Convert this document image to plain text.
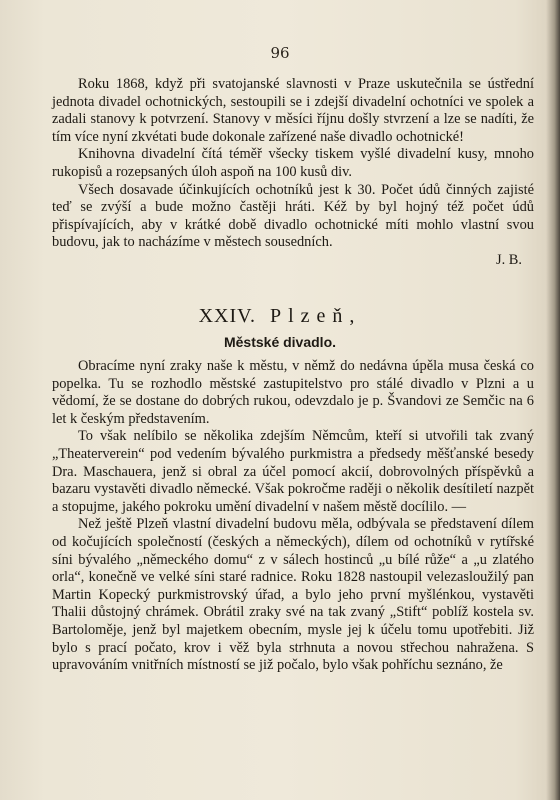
96

Roku 1868, když při svatojanské slavnosti v Praze uskutečnila se ústřední jednota divadel ochotnických, sestoupili se i zdejší divadelní ochotníci ve spolek a zadali stanovy k potvrzení. Stanovy v měsíci říjnu došly stvrzení a lze se nadíti, že tím více nyní zkvétati bude dokonale zařízené naše divadlo ochotnické!

Knihovna divadelní čítá téměř všecky tiskem vyšlé divadelní kusy, mnoho rukopisů a rozepsaných úloh aspoň na 100 kusů div.

Všech dosavade účinkujících ochotníků jest k 30. Počet údů činných zajisté teď se zvýší a bude možno častěji hráti. Kéž by byl hojný též počet údů přispívajících, aby v krátké době divadlo ochotnické míti mohlo vlastní svou budovu, jak to nacházíme v městech sousedních.

J. B.
XXIV. Plzeň,
Městské divadlo.

Obracíme nyní zraky naše k městu, v němž do nedávna úpěla musa česká co popelka. Tu se rozhodlo městské zastupitelstvo pro stálé divadlo v Plzni a u vědomí, že se dostane do dobrých rukou, odevzdalo je p. Švandovi ze Semčic na 6 let k českým představením.

To však nelíbilo se několika zdejším Němcům, kteří si utvořili tak zvaný „Theaterverein“ pod vedením bývalého purkmistra a předsedy měšťanské besedy Dra. Maschauera, jenž si obral za účel pomocí akcií, dobrovolných příspěvků a bazaru vystavěti divadlo německé. Však pokročme raději o několik desítiletí nazpět a stopujme, jakého pokroku umění divadelní v našem městě docílilo. —

Než ještě Plzeň vlastní divadelní budovu měla, odbývala se představení dílem od kočujících společností (českých a německých), dílem od ochotníků v rytířské síni bývalého „německého domu“ z v sálech hostinců „u bílé růže“ a „u zlatého orla“, konečně ve velké síni staré radnice. Roku 1828 nastoupil velezasloužilý pan Martin Kopecký purkmistrovský úřad, a bylo jeho první myšlénkou, vystavěti Thalii důstojný chrámek. Obrátil zraky své na tak zvaný „Stift“ poblíž kostela sv. Bartoloměje, jenž byl majetkem obecním, mysle jej k účelu tomu upotřebiti. Již bylo s prací počato, krov i věž byla strhnuta a novou střechou nahražena. S upravováním vnitřních místností se již počalo, bylo však pohříchu seznáno, že
